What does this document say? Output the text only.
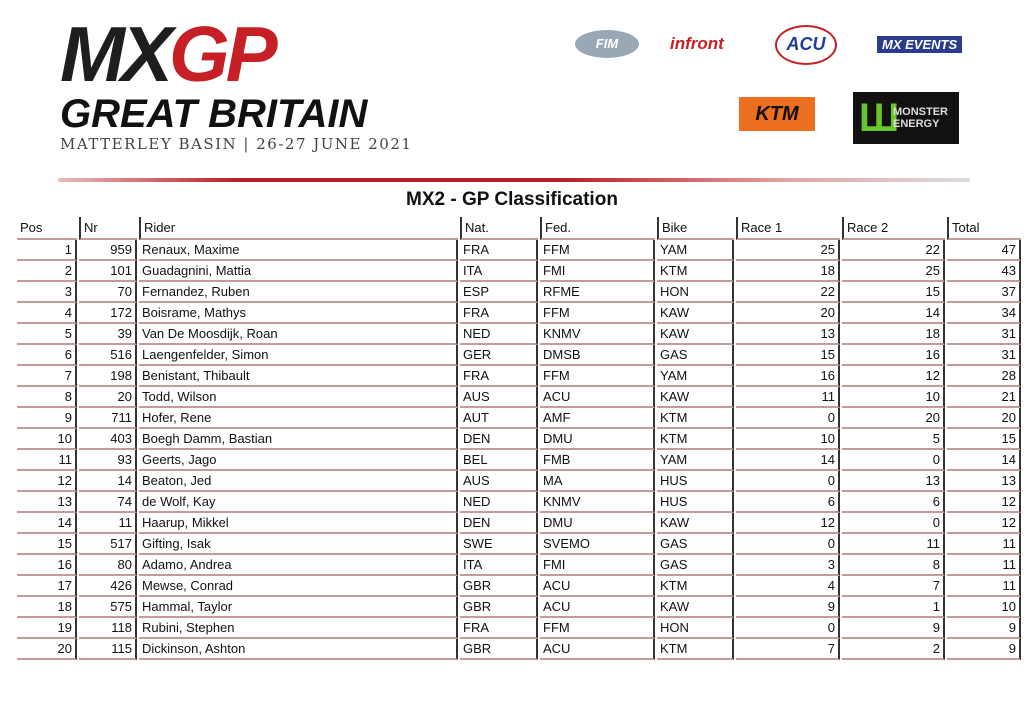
MXGP
GREAT BRITAIN
MATTERLEY BASIN | 26-27 JUNE 2021
FIM	infront	ACU	MX EVENTS
KTM	Ш
MONSTER ENERGY
MX2 - GP Classification
Pos	Nr	Rider	Nat.	Fed.	Bike	Race 1	Race 2	Total
1	959	Renaux, Maxime	FRA	FFM	YAM	25	22	47
2	101	Guadagnini, Mattia	ITA	FMI	KTM	18	25	43
3	70	Fernandez, Ruben	ESP	RFME	HON	22	15	37
4	172	Boisrame, Mathys	FRA	FFM	KAW	20	14	34
5	39	Van De Moosdijk, Roan	NED	KNMV	KAW	13	18	31
6	516	Laengenfelder, Simon	GER	DMSB	GAS	15	16	31
7	198	Benistant, Thibault	FRA	FFM	YAM	16	12	28
8	20	Todd, Wilson	AUS	ACU	KAW	11	10	21
9	711	Hofer, Rene	AUT	AMF	KTM	0	20	20
10	403	Boegh Damm, Bastian	DEN	DMU	KTM	10	5	15
11	93	Geerts, Jago	BEL	FMB	YAM	14	0	14
12	14	Beaton, Jed	AUS	MA	HUS	0	13	13
13	74	de Wolf, Kay	NED	KNMV	HUS	6	6	12
14	11	Haarup, Mikkel	DEN	DMU	KAW	12	0	12
15	517	Gifting, Isak	SWE	SVEMO	GAS	0	11	11
16	80	Adamo, Andrea	ITA	FMI	GAS	3	8	11
17	426	Mewse, Conrad	GBR	ACU	KTM	4	7	11
18	575	Hammal, Taylor	GBR	ACU	KAW	9	1	10
19	118	Rubini, Stephen	FRA	FFM	HON	0	9	9
20	115	Dickinson, Ashton	GBR	ACU	KTM	7	2	9
